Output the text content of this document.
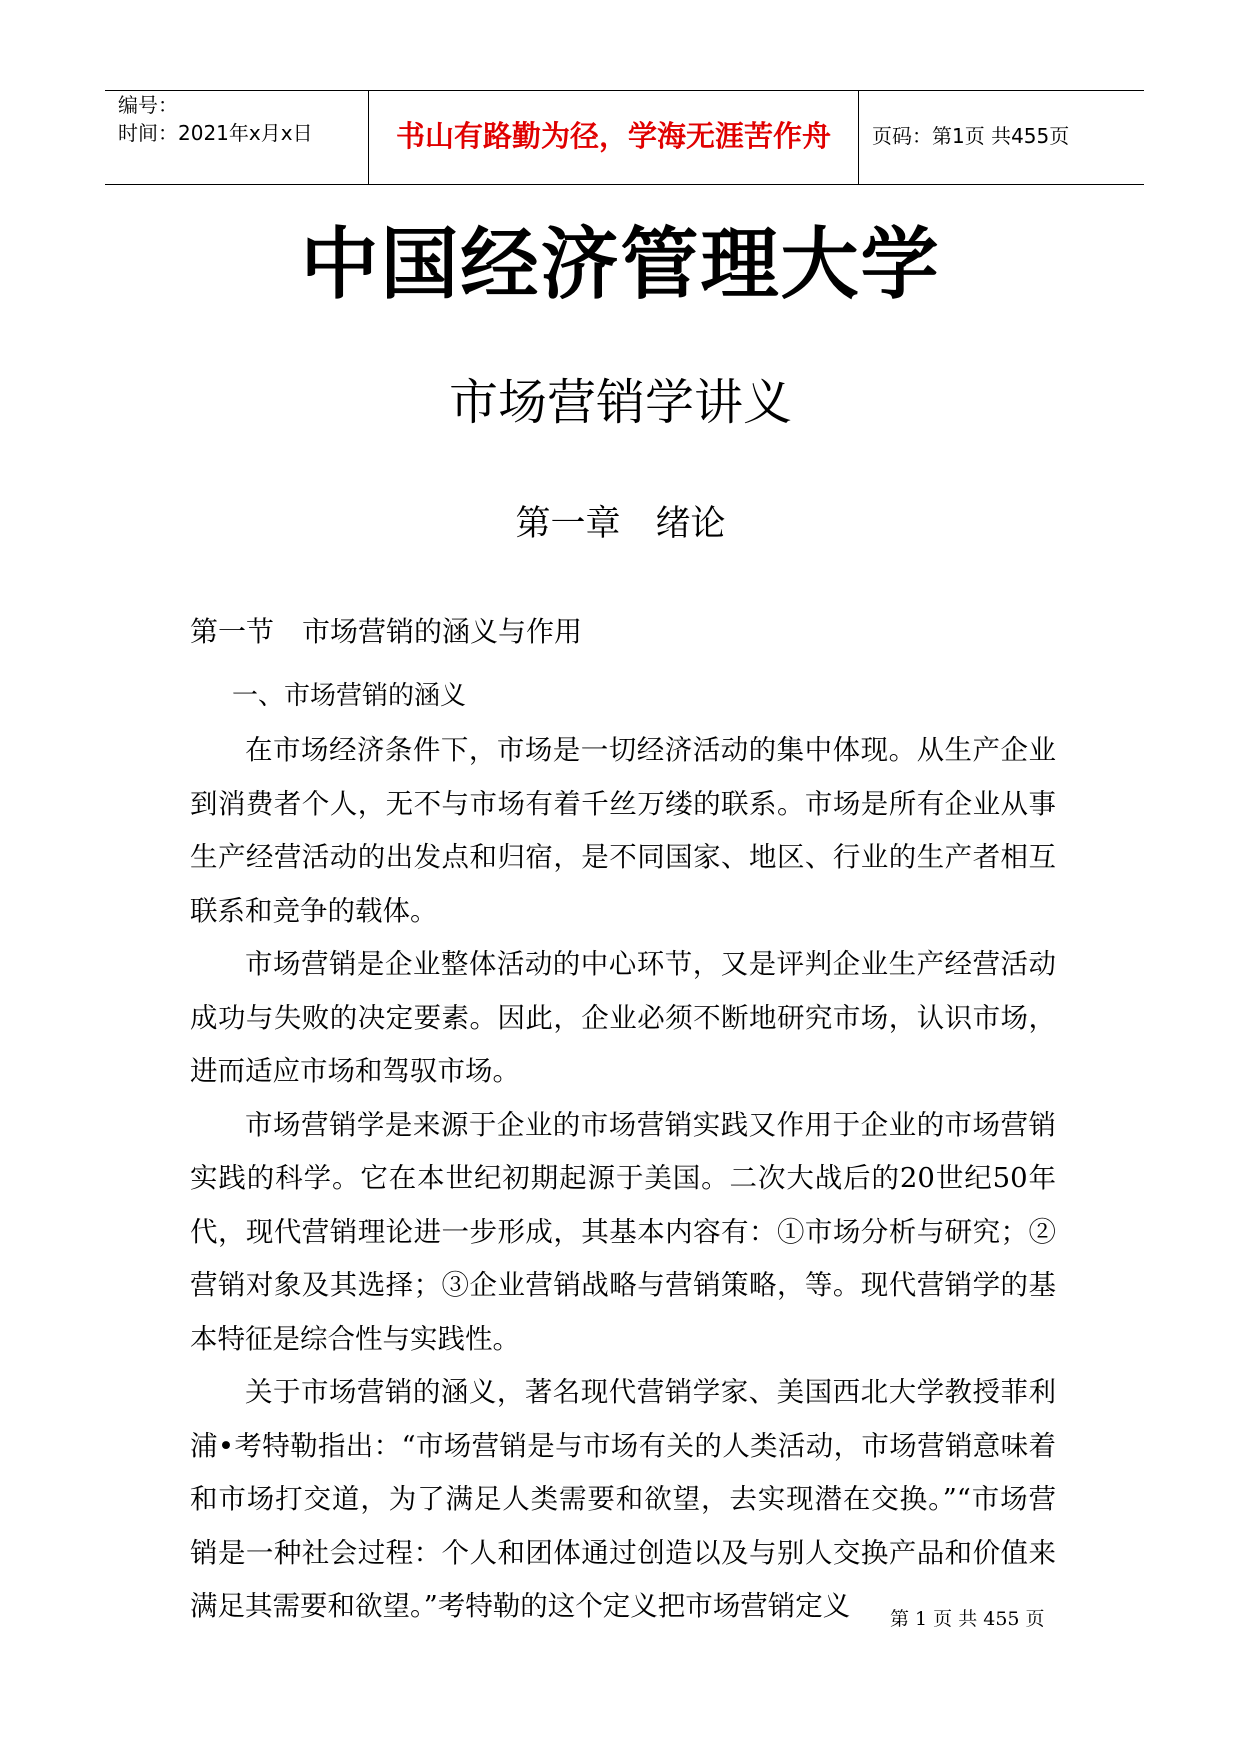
编号：
时间：2021年x月x日	书山有路勤为径，学海无涯苦作舟	页码：第1页 共455页
中国经济管理大学
市场营销学讲义
第一章　绪论
第一节　市场营销的涵义与作用
一、市场营销的涵义

在市场经济条件下，市场是一切经济活动的集中体现。从生产企业到消费者个人，无不与市场有着千丝万缕的联系。市场是所有企业从事生产经营活动的出发点和归宿，是不同国家、地区、行业的生产者相互联系和竞争的载体。

市场营销是企业整体活动的中心环节，又是评判企业生产经营活动成功与失败的决定要素。因此，企业必须不断地研究市场，认识市场，进而适应市场和驾驭市场。

市场营销学是来源于企业的市场营销实践又作用于企业的市场营销实践的科学。它在本世纪初期起源于美国。二次大战后的20世纪50年代，现代营销理论进一步形成，其基本内容有：①市场分析与研究；②营销对象及其选择；③企业营销战略与营销策略，等。现代营销学的基本特征是综合性与实践性。

关于市场营销的涵义，著名现代营销学家、美国西北大学教授菲利浦•考特勒指出：“市场营销是与市场有关的人类活动，市场营销意味着和市场打交道，为了满足人类需要和欲望，去实现潜在交换。”“市场营销是一种社会过程：个人和团体通过创造以及与别人交换产品和价值来满足其需要和欲望。”考特勒的这个定义把市场营销定义	第 1 页 共 455 页
